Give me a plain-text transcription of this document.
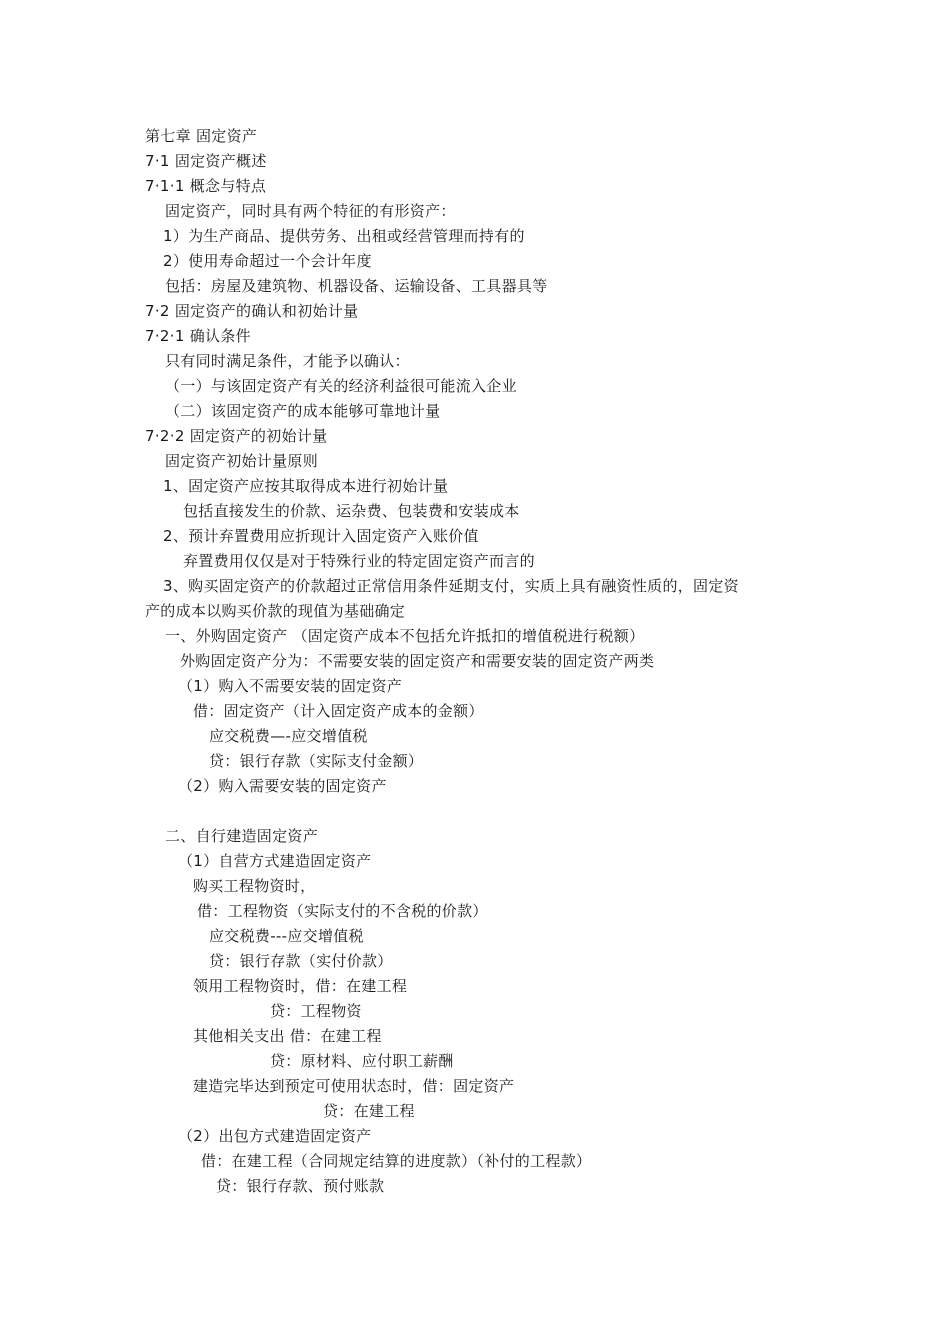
第七章 固定资产
7·1 固定资产概述
7·1·1 概念与特点
固定资产，同时具有两个特征的有形资产：
1）为生产商品、提供劳务、出租或经营管理而持有的
2）使用寿命超过一个会计年度
包括：房屋及建筑物、机器设备、运输设备、工具器具等
7·2 固定资产的确认和初始计量
7·2·1 确认条件
只有同时满足条件，才能予以确认：
（一）与该固定资产有关的经济利益很可能流入企业
（二）该固定资产的成本能够可靠地计量
7·2·2 固定资产的初始计量
固定资产初始计量原则
1、固定资产应按其取得成本进行初始计量
包括直接发生的价款、运杂费、包装费和安装成本
2、预计弃置费用应折现计入固定资产入账价值
弃置费用仅仅是对于特殊行业的特定固定资产而言的
3、购买固定资产的价款超过正常信用条件延期支付，实质上具有融资性质的，固定资
产的成本以购买价款的现值为基础确定
一、外购固定资产 （固定资产成本不包括允许抵扣的增值税进行税额）
外购固定资产分为：不需要安装的固定资产和需要安装的固定资产两类
（1）购入不需要安装的固定资产
借：固定资产（计入固定资产成本的金额）
应交税费—-应交增值税
贷：银行存款（实际支付金额）
（2）购入需要安装的固定资产
二、自行建造固定资产
（1）自营方式建造固定资产
购买工程物资时，
借：工程物资（实际支付的不含税的价款）
应交税费---应交增值税
贷：银行存款（实付价款）
领用工程物资时，借：在建工程
贷：工程物资
其他相关支出 借：在建工程
贷：原材料、应付职工薪酬
建造完毕达到预定可使用状态时，借：固定资产
贷：在建工程
（2）出包方式建造固定资产
借：在建工程（合同规定结算的进度款）（补付的工程款）
贷：银行存款、预付账款
